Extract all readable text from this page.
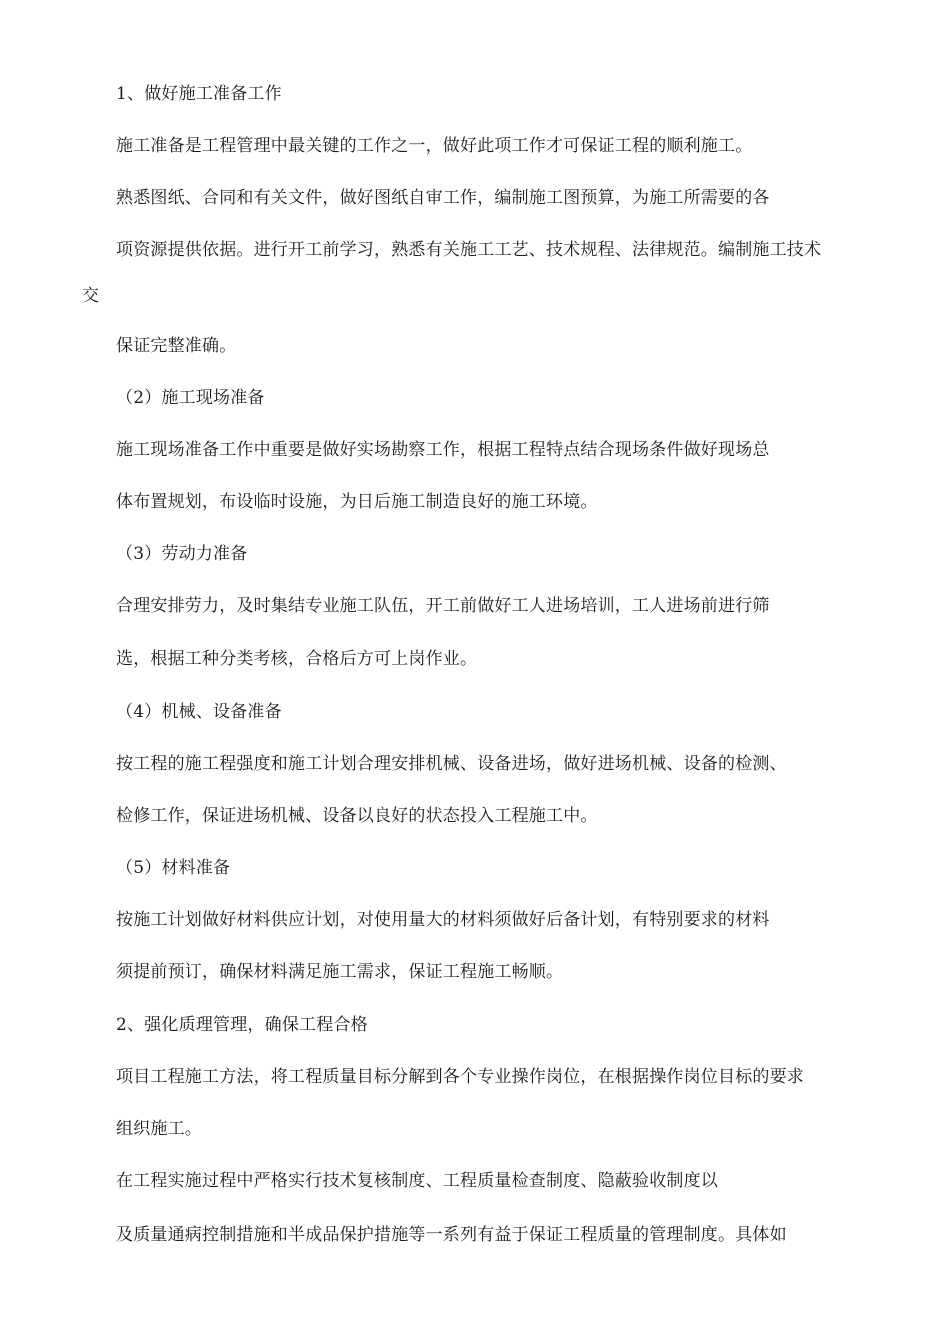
1、做好施工准备工作
施工准备是工程管理中最关键的工作之一，做好此项工作才可保证工程的顺利施工。
熟悉图纸、合同和有关文件，做好图纸自审工作，编制施工图预算，为施工所需要的各
项资源提供依据。进行开工前学习，熟悉有关施工工艺、技术规程、法律规范。编制施工技术
交
保证完整准确。
（2）施工现场准备
施工现场准备工作中重要是做好实场勘察工作，根据工程特点结合现场条件做好现场总
体布置规划，布设临时设施，为日后施工制造良好的施工环境。
（3）劳动力准备
合理安排劳力，及时集结专业施工队伍，开工前做好工人进场培训，工人进场前进行筛
选，根据工种分类考核，合格后方可上岗作业。
（4）机械、设备准备
按工程的施工程强度和施工计划合理安排机械、设备进场，做好进场机械、设备的检测、
检修工作，保证进场机械、设备以良好的状态投入工程施工中。
（5）材料准备
按施工计划做好材料供应计划，对使用量大的材料须做好后备计划，有特别要求的材料
须提前预订，确保材料满足施工需求，保证工程施工畅顺。
2、强化质理管理，确保工程合格
项目工程施工方法，将工程质量目标分解到各个专业操作岗位，在根据操作岗位目标的要求
组织施工。
在工程实施过程中严格实行技术复核制度、工程质量检查制度、隐蔽验收制度以
及质量通病控制措施和半成品保护措施等一系列有益于保证工程质量的管理制度。具体如
